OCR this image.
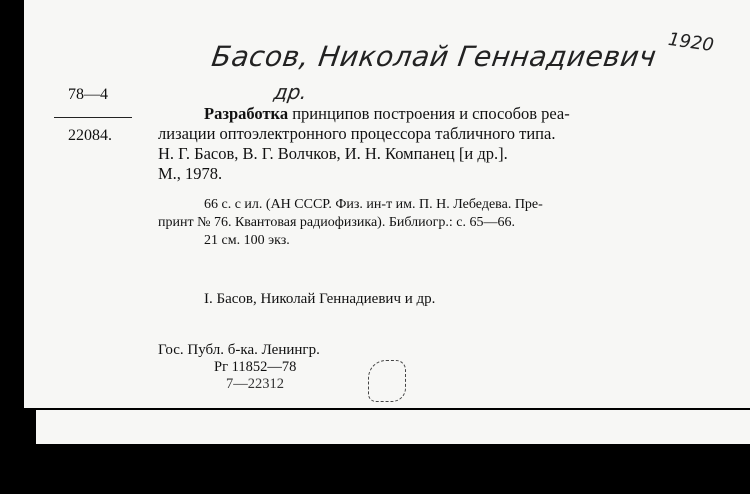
Басов, Николай Геннадиевич 1920
др.
78—4
22084.
Разработка принципов построения и способов реа-
лизации оптоэлектронного процессора табличного типа.
Н. Г. Басов, В. Г. Волчков, И. Н. Компанец [и др.].
М., 1978.
66 с. с ил. (АН СССР. Физ. ин-т им. П. Н. Лебедева. Пре-
принт № 76. Квантовая радиофизика). Библиогр.: с. 65—66.
21 см. 100 экз.
I. Басов, Николай Геннадиевич и др.
Гос. Публ. б-ка. Ленингр.
Рг 11852—78
7—22312
